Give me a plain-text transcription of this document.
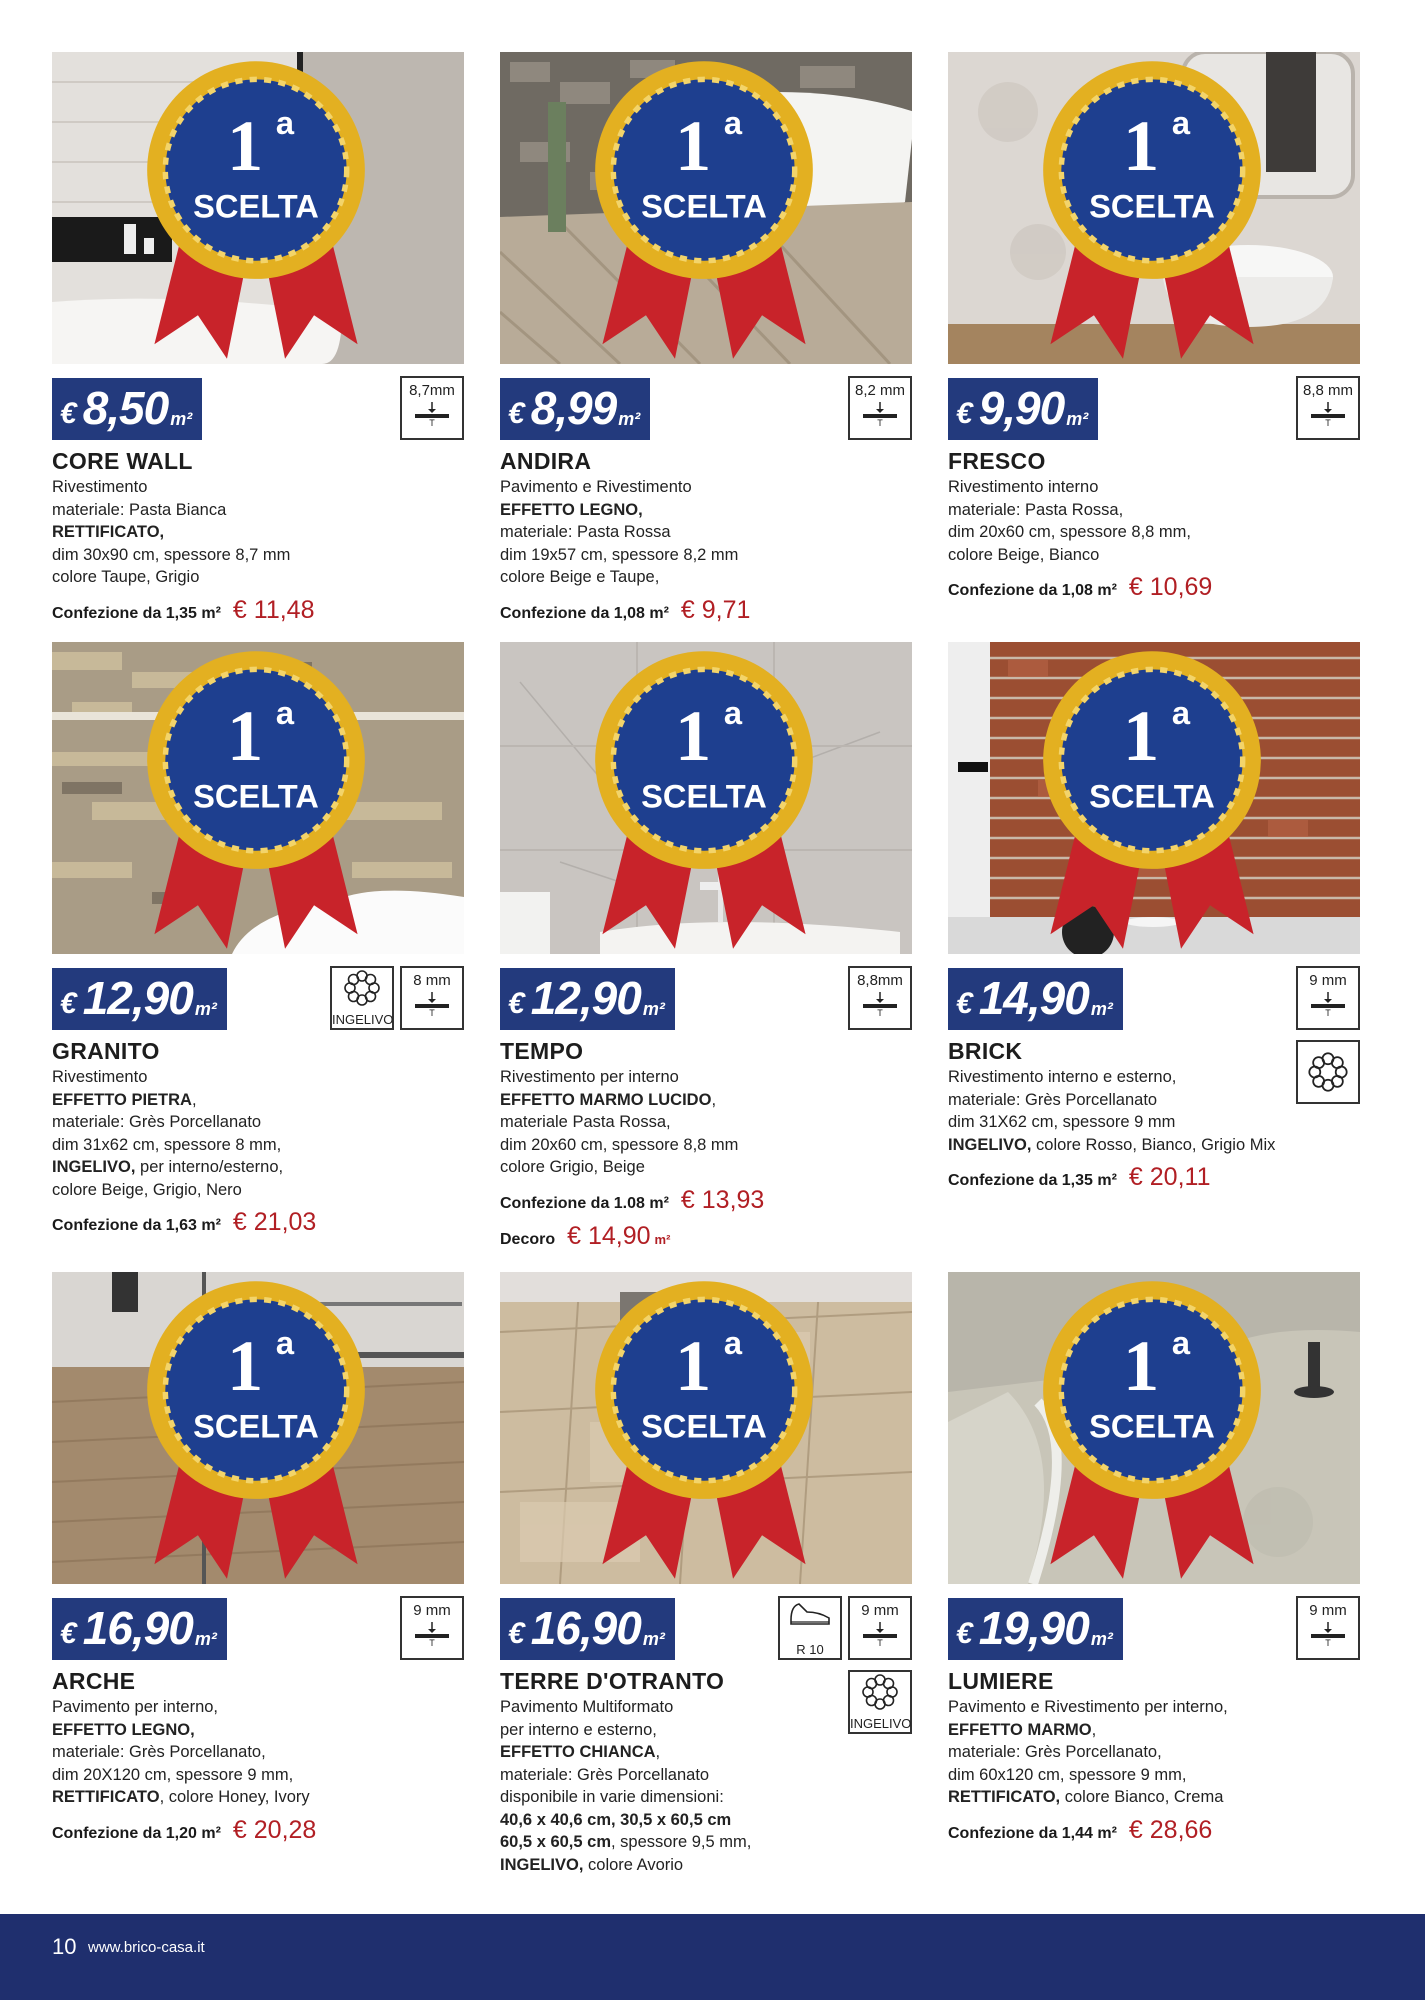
1 a
SCELTA
€ 8,50 m²
8,7mm
T
CORE WALL
Rivestimento
materiale: Pasta Bianca
RETTIFICATO,
dim 30x90 cm, spessore 8,7 mm
colore Taupe, Grigio
Confezione da 1,35 m² € 11,48
1 a
SCELTA
€ 8,99 m²
8,2 mm
T
ANDIRA
Pavimento e Rivestimento
EFFETTO LEGNO,
materiale: Pasta Rossa
dim 19x57 cm, spessore 8,2 mm
colore Beige e Taupe,
Confezione da 1,08 m² € 9,71
1 a
SCELTA
€ 9,90 m²
8,8 mm
T
FRESCO
Rivestimento interno
materiale: Pasta Rossa,
dim 20x60 cm, spessore 8,8 mm,
colore Beige, Bianco
Confezione da 1,08 m² € 10,69
1 a
SCELTA
€ 12,90 m²
INGELIVO
8 mm
T
GRANITO
Rivestimento
EFFETTO PIETRA,
materiale: Grès Porcellanato
dim 31x62 cm, spessore 8 mm,
INGELIVO, per interno/esterno,
colore Beige, Grigio, Nero
Confezione da 1,63 m² € 21,03
1 a
SCELTA
€ 12,90 m²
8,8mm
T
TEMPO
Rivestimento per interno
EFFETTO MARMO LUCIDO,
materiale Pasta Rossa,
dim 20x60 cm, spessore 8,8 mm
colore Grigio, Beige
Confezione da 1.08 m² € 13,93
Decoro € 14,90 m²
1 a
SCELTA
€ 14,90 m²
9 mm
T
BRICK
Rivestimento interno e esterno,
materiale: Grès Porcellanato
dim 31X62 cm, spessore 9 mm
INGELIVO, colore Rosso, Bianco, Grigio Mix
Confezione da 1,35 m² € 20,11
1 a
SCELTA
€ 16,90 m²
9 mm
T
ARCHE
Pavimento per interno,
EFFETTO LEGNO,
materiale: Grès Porcellanato,
dim 20X120 cm, spessore 9 mm,
RETTIFICATO, colore Honey, Ivory
Confezione da 1,20 m² € 20,28
1 a
SCELTA
€ 16,90 m²
R 10
9 mm
T
INGELIVO
TERRE D'OTRANTO
Pavimento Multiformato
per interno e esterno,
EFFETTO CHIANCA,
materiale: Grès Porcellanato
disponibile in varie dimensioni:
40,6 x 40,6 cm, 30,5 x 60,5 cm
60,5 x 60,5 cm, spessore 9,5 mm,
INGELIVO, colore Avorio
1 a
SCELTA
€ 19,90 m²
9 mm
T
LUMIERE
Pavimento e Rivestimento per interno,
EFFETTO MARMO,
materiale: Grès Porcellanato,
dim 60x120 cm, spessore 9 mm,
RETTIFICATO, colore Bianco, Crema
Confezione da 1,44 m² € 28,66
10 www.brico-casa.it
